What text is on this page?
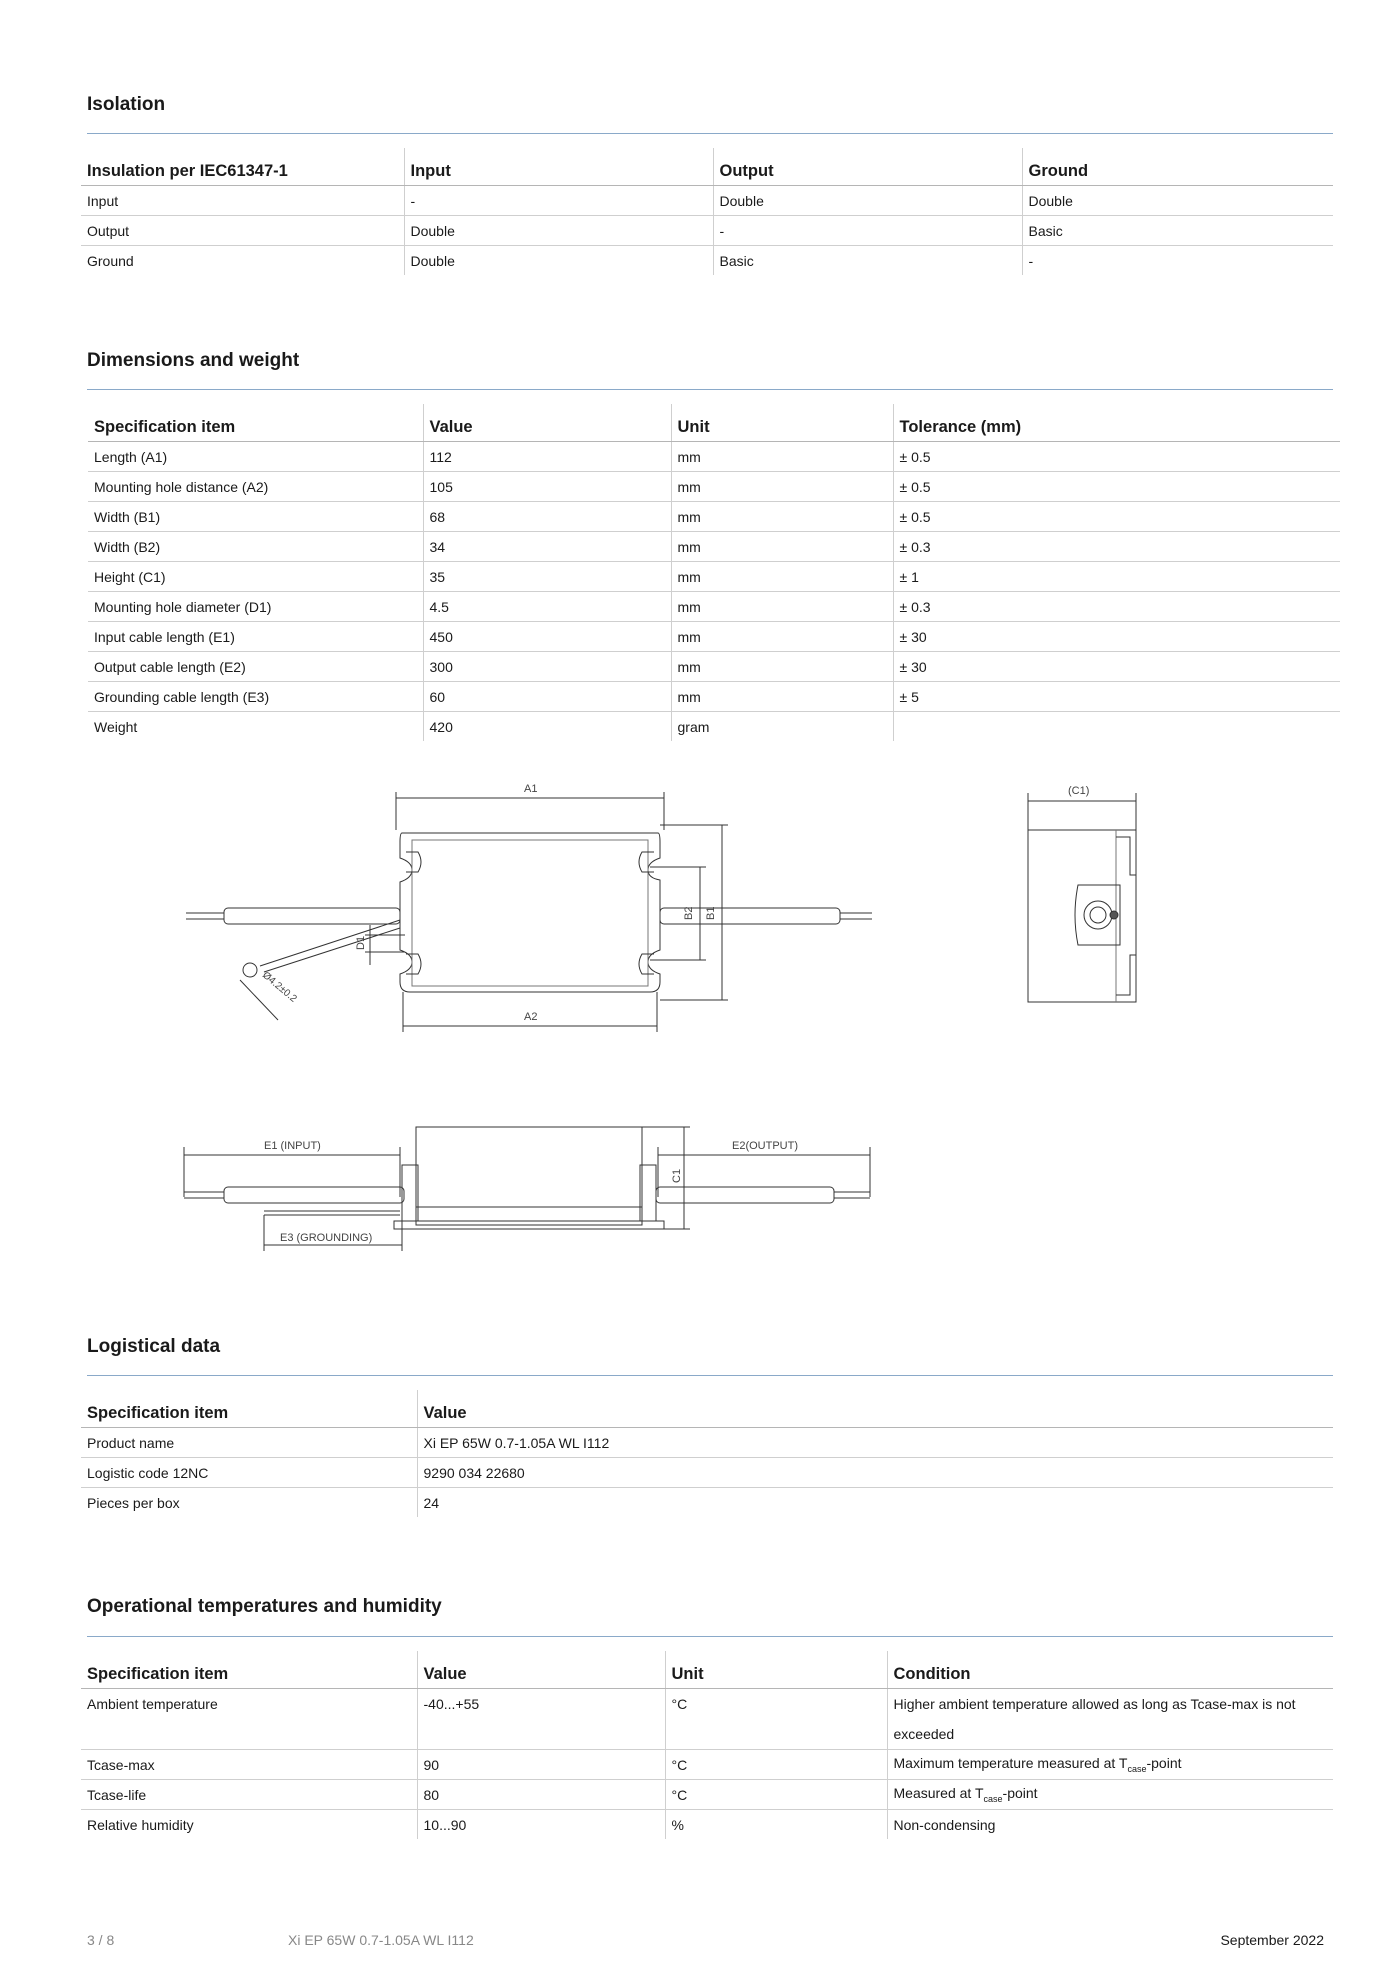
Isolation
Insulation per IEC61347-1	Input	Output	Ground
Input	-	Double	Double
Output	Double	-	Basic
Ground	Double	Basic	-
Dimensions and weight
Specification item	Value	Unit	Tolerance (mm)
Length (A1)	112	mm	± 0.5
Mounting hole distance (A2)	105	mm	± 0.5
Width (B1)	68	mm	± 0.5
Width (B2)	34	mm	± 0.3
Height (C1)	35	mm	± 1
Mounting hole diameter (D1)	4.5	mm	± 0.3
Input cable length (E1)	450	mm	± 30
Output cable length (E2)	300	mm	± 30
Grounding cable length (E3)	60	mm	± 5
Weight	420	gram	
A1
A2
B1
B2
D1
Ø4.2±0.2
(C1)
E1 (INPUT)	E2(OUTPUT)
E3 (GROUNDING)
C1
Logistical data
Specification item	Value
Product name	Xi EP 65W 0.7-1.05A WL I112
Logistic code 12NC	9290 034 22680
Pieces per box	24
Operational temperatures and humidity
Specification item	Value	Unit	Condition
Ambient temperature	-40...+55	°C	Higher ambient temperature allowed as long as Tcase-max is not exceeded
Tcase-max	90	°C	Maximum temperature measured at $T_{case}$-point
Tcase-life	80	°C	Measured at $T_{case}$-point
Relative humidity	10...90	%	Non-condensing
3 / 8	Xi EP 65W 0.7-1.05A WL I112	September 2022
